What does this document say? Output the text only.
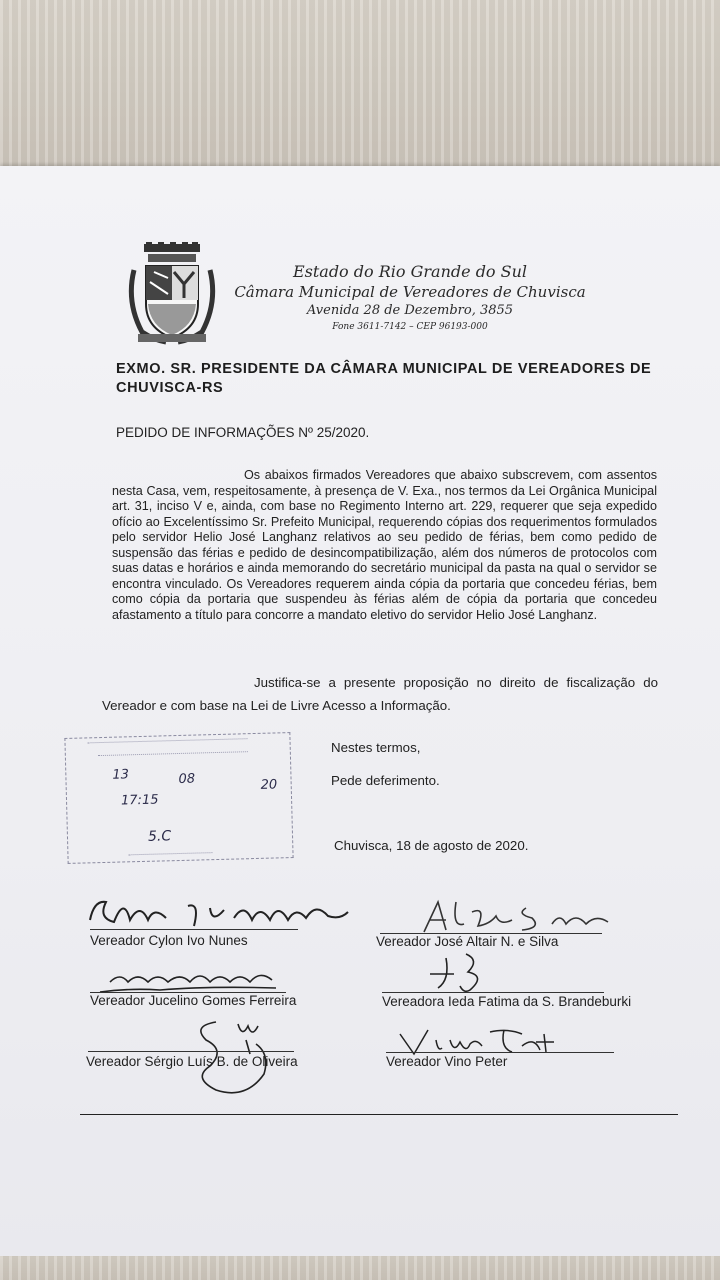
Estado do Rio Grande do Sul
Câmara Municipal de Vereadores de Chuvisca
Avenida 28 de Dezembro, 3855
Fone 3611-7142 – CEP 96193-000
EXMO. SR. PRESIDENTE DA CÂMARA MUNICIPAL DE VEREADORES DE CHUVISCA-RS
PEDIDO DE INFORMAÇÕES Nº 25/2020.
Os abaixos firmados Vereadores que abaixo subscrevem, com assentos nesta Casa, vem, respeitosamente, à presença de V. Exa., nos termos da Lei Orgânica Municipal art. 31, inciso V e, ainda, com base no Regimento Interno art. 229, requerer que seja expedido ofício ao Excelentíssimo Sr. Prefeito Municipal, requerendo cópias dos requerimentos formulados pelo servidor Helio José Langhanz relativos ao seu pedido de férias, bem como pedido de suspensão das férias e pedido de desincompatibilização, além dos números de protocolos com suas datas e horários e ainda memorando do secretário municipal da pasta na qual o servidor se encontra vinculado. Os Vereadores requerem ainda cópia da portaria que concedeu férias, bem como cópia da portaria que suspendeu às férias além de cópia da portaria que concedeu afastamento a título para concorre a mandato eletivo do servidor Helio José Langhanz.
Justifica-se a presente proposição no direito de fiscalização do Vereador e com base na Lei de Livre Acesso a Informação.
Nestes termos,
Pede deferimento.
Chuvisca, 18 de agosto de 2020.
13	08	20
17:15
5.C
Vereador Cylon Ivo Nunes	Vereador José Altair N. e Silva
Vereador Jucelino Gomes Ferreira	Vereadora Ieda Fatima da S. Brandeburki
Vereador Sérgio Luís B. de Oliveira	Vereador Vino Peter
